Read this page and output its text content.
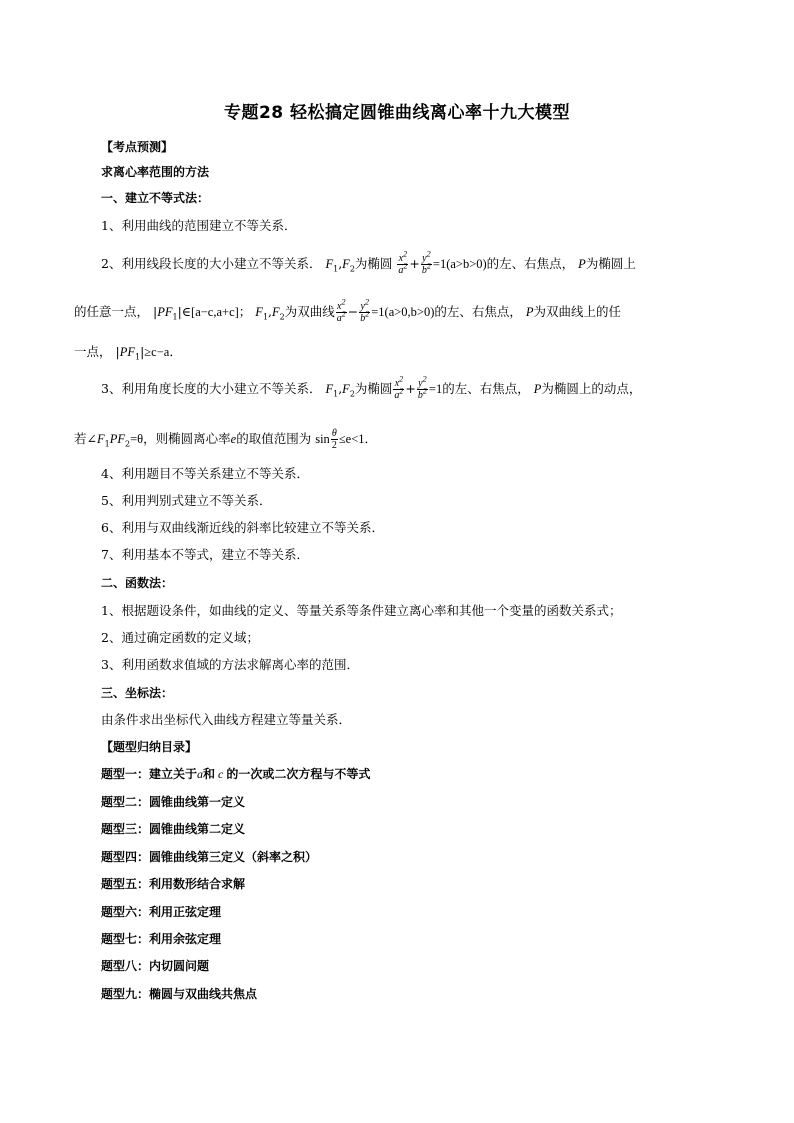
专题28 轻松搞定圆锥曲线离心率十九大模型
【考点预测】
求离心率范围的方法
一、建立不等式法：
1、利用曲线的范围建立不等关系．
2、利用线段长度的大小建立不等关系． $F_1,F_2$为椭圆 $\frac{x^2}{a^2} + \frac{y^2}{b^2} =1(a>b>0)$的左、右焦点， P为椭圆上
的任意一点， $|PF_1|\in[a-c,a+c]$； $F_1,F_2$为双曲线 $\frac{x^2}{a^2} - \frac{y^2}{b^2} =1(a>0,b>0)$的左、右焦点， P为双曲线上的任
一点， $|PF_1|\ge c-a$．
3、利用角度长度的大小建立不等关系． $F_1,F_2$为椭圆 $\frac{x^2}{a^2} + \frac{y^2}{b^2} =1$的左、右焦点， P为椭圆上的动点，
若$\angle F_1PF_2=\theta$，则椭圆离心率e的取值范围为 $\sin \frac{\theta}{2} \le e<1$．
4、利用题目不等关系建立不等关系．
5、利用判别式建立不等关系．
6、利用与双曲线渐近线的斜率比较建立不等关系．
7、利用基本不等式，建立不等关系．
二、函数法：
1、根据题设条件，如曲线的定义、等量关系等条件建立离心率和其他一个变量的函数关系式；
2、通过确定函数的定义域；
3、利用函数求值域的方法求解离心率的范围．
三、坐标法：
由条件求出坐标代入曲线方程建立等量关系．
【题型归纳目录】
题型一：建立关于a和 c 的一次或二次方程与不等式
题型二：圆锥曲线第一定义
题型三：圆锥曲线第二定义
题型四：圆锥曲线第三定义（斜率之积）
题型五：利用数形结合求解
题型六：利用正弦定理
题型七：利用余弦定理
题型八：内切圆问题
题型九：椭圆与双曲线共焦点
